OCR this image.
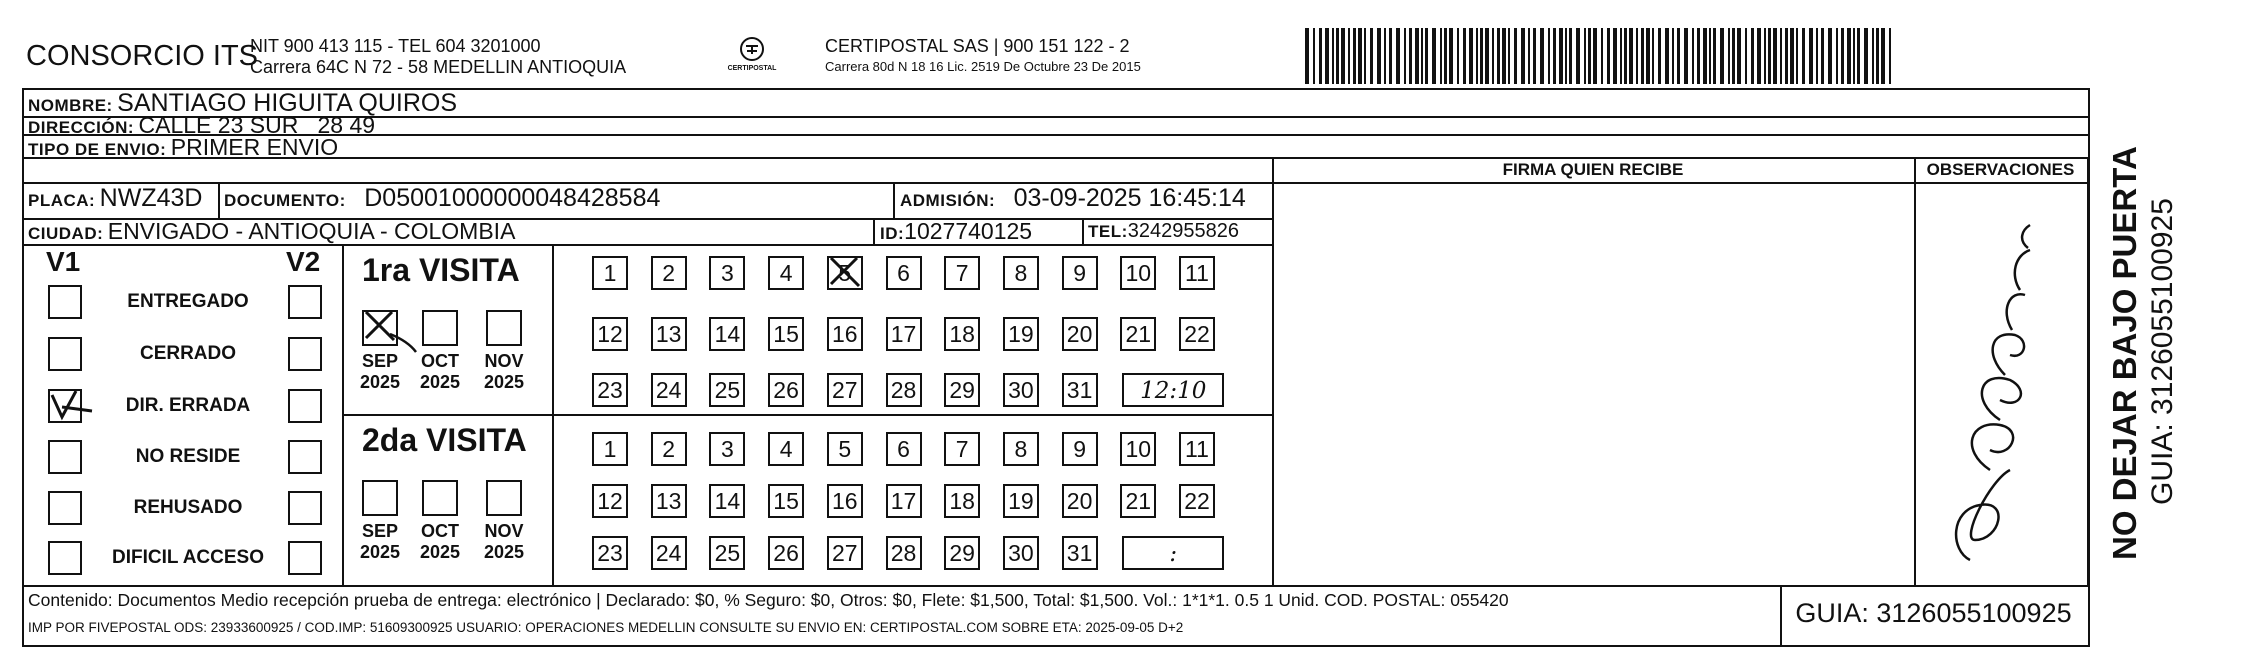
CONSORCIO ITS
NIT 900 413 115 - TEL 604 3201000
Carrera 64C N 72 - 58 MEDELLIN ANTIOQUIA	CERTIPOSTAL
CERTIPOSTAL SAS | 900 151 122 - 2
Carrera 80d N 18 16 Lic. 2519 De Octubre 23 De 2015
NOMBRE: SANTIAGO HIGUITA QUIROS
DIRECCIÓN: CALLE 23 SUR   28 49
TIPO DE ENVIO: PRIMER ENVIO
PLACA: NWZ43D DOCUMENTO: D05001000000048428584	ADMISIÓN: 03-09-2025 16:45:14
CIUDAD: ENVIGADO - ANTIOQUIA - COLOMBIA	ID:1027740125	TEL:3242955826
FIRMA QUIEN RECIBE	OBSERVACIONES
V1	V2
ENTREGADO
CERRADO
DIR. ERRADA
NO RESIDE
REHUSADO
DIFICIL ACCESO
1ra VISITA
2da VISITA
SEP
2025
OCT
2025
NOV
2025
SEP
2025
OCT
2025
NOV
2025
1	2	3	4	5	6	7	8	9	10 11
12 13 14 15 16 17 18 19 20 21 22
23 24 25 26 27 28 29 30 31	12:10
1	2	3	4	5	6	7	8	9	10 11
12 13 14 15 16 17 18 19 20 21 22
23 24 25 26 27 28 29 30 31	:
Contenido: Documentos Medio recepción prueba de entrega: electrónico | Declarado: $0, % Seguro: $0, Otros: $0, Flete: $1,500, Total: $1,500. Vol.: 1*1*1. 0.5 1 Unid. COD. POSTAL: 055420
IMP POR FIVEPOSTAL ODS: 23933600925 / COD.IMP: 51609300925 USUARIO: OPERACIONES MEDELLIN CONSULTE SU ENVIO EN: CERTIPOSTAL.COM SOBRE ETA: 2025-09-05 D+2	GUIA: 3126055100925
NO DEJAR BAJO PUERTA GUIA: 3126055100925
